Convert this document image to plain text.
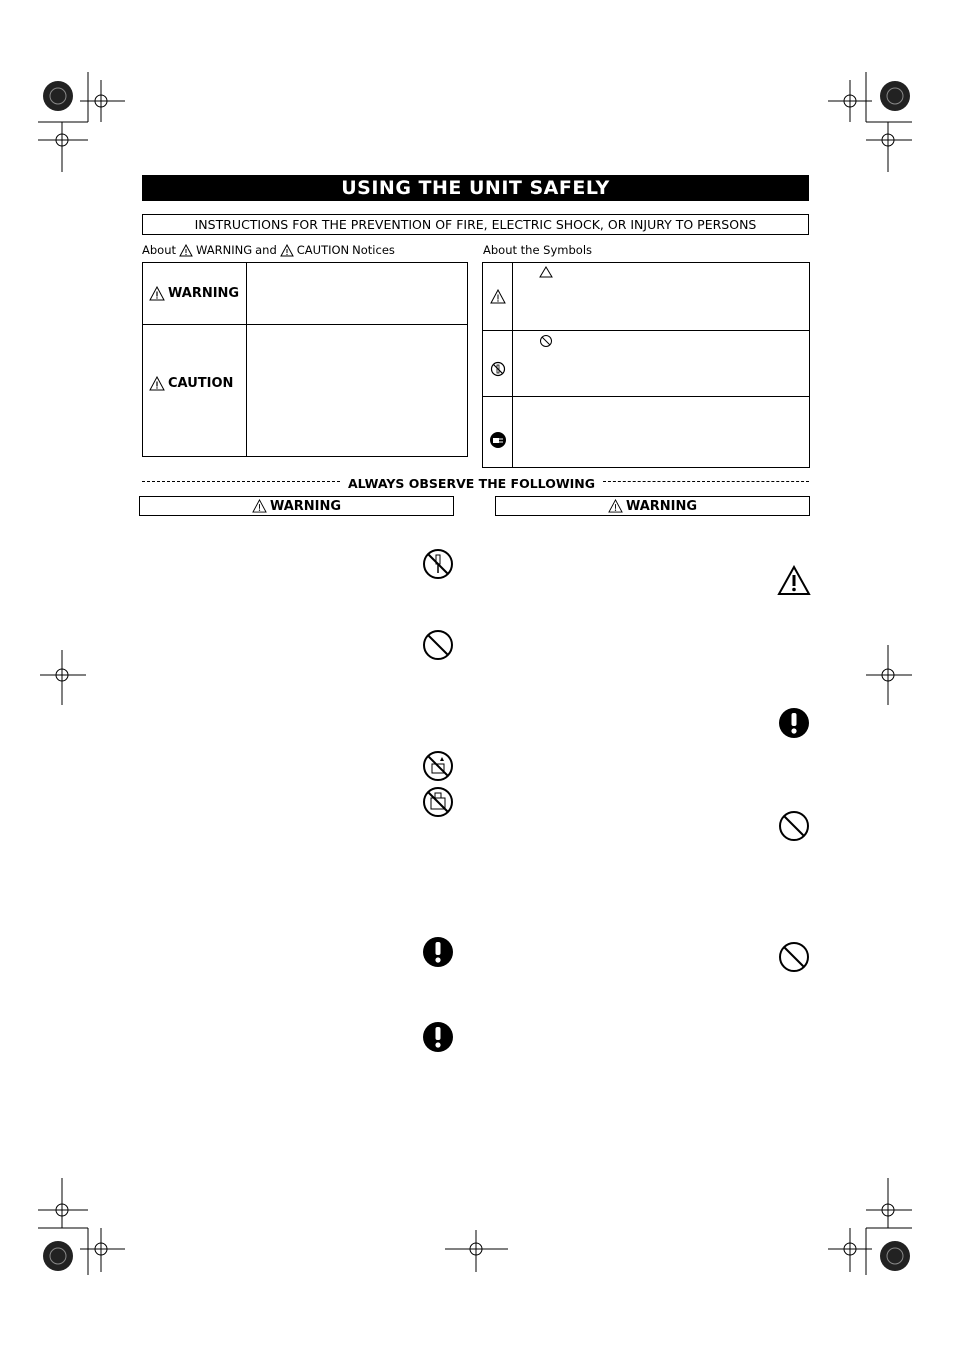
USING THE UNIT SAFELY
INSTRUCTIONS FOR THE PREVENTION OF FIRE, ELECTRIC SHOCK, OR INJURY TO PERSONS
About WARNING and CAUTION Notices	About the Symbols
WARNING
CAUTION
ALWAYS OBSERVE THE FOLLOWING
WARNING	WARNING
